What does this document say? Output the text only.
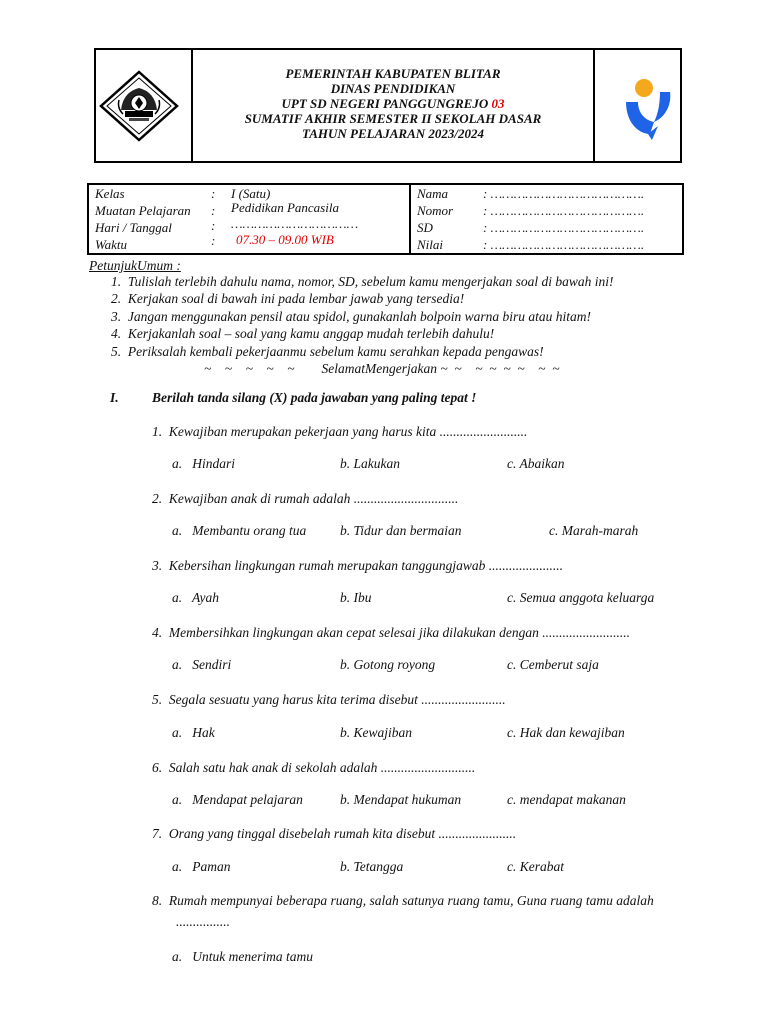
PEMERINTAH KABUPATEN BLITAR
DINAS PENDIDIKAN
UPT SD NEGERI PANGGUNGREJO 03
SUMATIF AKHIR SEMESTER II SEKOLAH DASAR
TAHUN PELAJARAN 2023/2024
Kelas	: I (Satu)
Muatan Pelajaran : Pedidikan Pancasila
Hari / Tanggal	: ……………………………
Waktu	: 07.30 – 09.00 WIB
Nama	: ………………………………….
Nomor : ………………………………….
SD	: ………………………………….
Nilai	: ………………………………….
PetunjukUmum :
1.  Tulislah terlebih dahulu nama, nomor, SD, sebelum kamu mengerjakan soal di bawah ini!
2.  Kerjakan soal di bawah ini pada lembar jawab yang tersedia!
3.  Jangan menggunakan pensil atau spidol, gunakanlah bolpoin warna biru atau hitam!
4.  Kerjakanlah soal – soal yang kamu anggap mudah terlebih dahulu!
5.  Periksalah kembali pekerjaanmu sebelum kamu serahkan kepada pengawas!
~    ~    ~    ~    ~        SelamatMengerjakan ~  ~    ~  ~  ~  ~    ~  ~
I. Berilah tanda silang (X) pada jawaban yang paling tepat !
1.  Kewajiban merupakan pekerjaan yang harus kita ..........................
a.   Hindari	b. Lakukan	c. Abaikan
2.  Kewajiban anak di rumah adalah ...............................
a.   Membantu orang tua	b. Tidur dan bermaian	c. Marah-marah
3.  Kebersihan lingkungan rumah merupakan tanggungjawab ......................
a.   Ayah	b. Ibu	c. Semua anggota keluarga
4.  Membersihkan lingkungan akan cepat selesai jika dilakukan dengan ..........................
a.   Sendiri	b. Gotong royong	c. Cemberut saja
5.  Segala sesuatu yang harus kita terima disebut .........................
a.   Hak	b. Kewajiban	c. Hak dan kewajiban
6.  Salah satu hak anak di sekolah adalah ............................
a.   Mendapat pelajaran	b. Mendapat hukuman	c. mendapat makanan
7.  Orang yang tinggal disebelah rumah kita disebut .......................
a.   Paman	b. Tetangga	c. Kerabat
8.  Rumah mempunyai beberapa ruang, salah satunya ruang tamu, Guna ruang tamu adalah
................
a.   Untuk menerima tamu
